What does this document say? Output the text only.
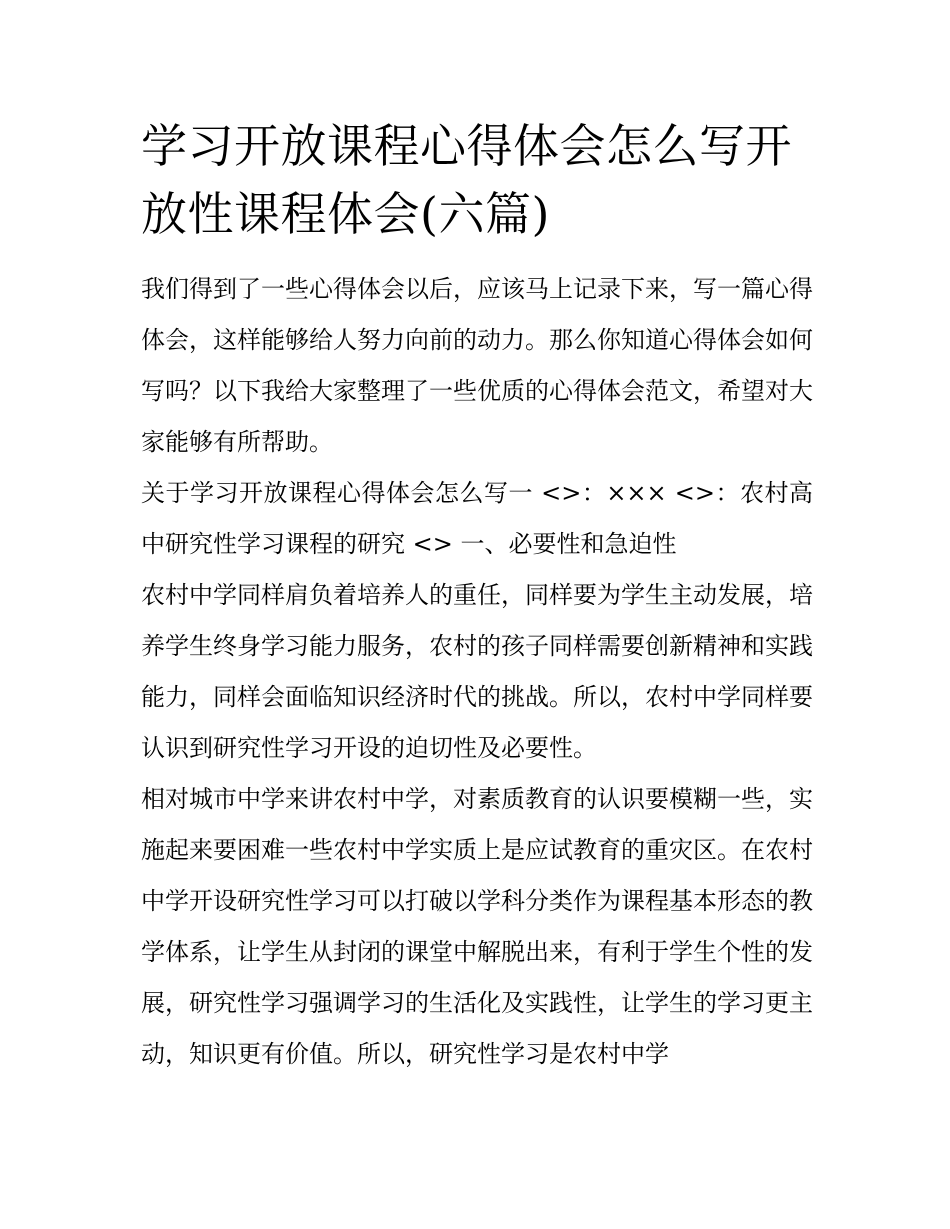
学习开放课程心得体会怎么写开放性课程体会(六篇)

我们得到了一些心得体会以后，应该马上记录下来，写一篇心得体会，这样能够给人努力向前的动力。那么你知道心得体会如何写吗？以下我给大家整理了一些优质的心得体会范文，希望对大家能够有所帮助。

关于学习开放课程心得体会怎么写一 <>：××× <>：农村高中研究性学习课程的研究 <> 一、必要性和急迫性

农村中学同样肩负着培养人的重任，同样要为学生主动发展，培养学生终身学习能力服务，农村的孩子同样需要创新精神和实践能力，同样会面临知识经济时代的挑战。所以，农村中学同样要认识到研究性学习开设的迫切性及必要性。

相对城市中学来讲农村中学，对素质教育的认识要模糊一些，实施起来要困难一些农村中学实质上是应试教育的重灾区。在农村中学开设研究性学习可以打破以学科分类作为课程基本形态的教学体系，让学生从封闭的课堂中解脱出来，有利于学生个性的发展，研究性学习强调学习的生活化及实践性，让学生的学习更主动，知识更有价值。所以，研究性学习是农村中学
